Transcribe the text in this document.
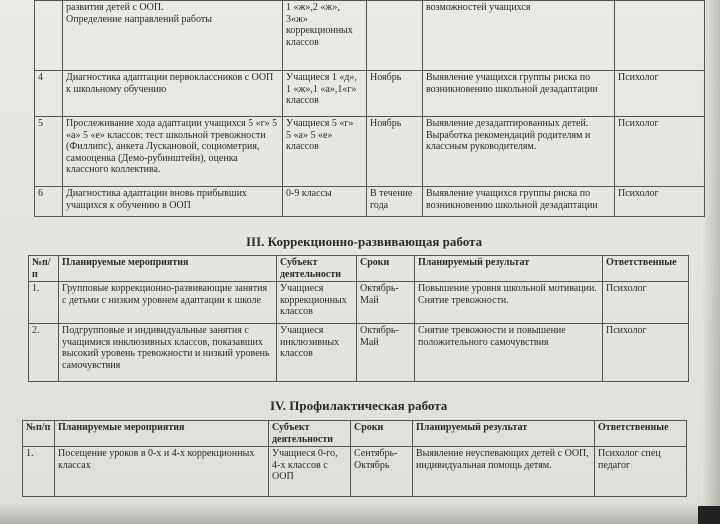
	развития детей с ООП.
Определение направлений работы	1 «ж»,2 «ж»,
3«ж»
коррекционных
классов		возможностей учащихся	
4	Диагностика адаптации первоклассников с ООП к школьному обучению	Учащиеся 1 «д»,
1 «ж»,1 «а»,1«г»
классов	Ноябрь	Выявление учащихся группы риска по возникновению школьной дезадаптации	Психолог
5	Прослеживание хода адаптации учащихся 5 «г» 5 «а» 5 «е» классов: тест школьной тревожности (Филлипс), анкета Лускановой, социометрия, самооценка (Демо-рубинштейн), оценка классного коллектива.	Учащиеся 5 «г»
5 «а» 5 «е»
классов	Ноябрь	Выявление дезадаптированных детей. Выработка рекомендаций родителям и классным руководителям.	Психолог
6	Диагностика адаптации вновь прибывших учащихся к обучению в ООП	0-9 классы	В течение года	Выявление учащихся группы риска по возникновению школьной дезадаптации	Психолог
III. Коррекционно-развивающая работа
№п/п	Планируемые мероприятия	Субъект деятельности	Сроки	Планируемый результат	Ответственные
1.	Групповые коррекционно-развивающие занятия с детьми с низким уровнем адаптации к школе	Учащиеся
коррекционных
классов	Октябрь-
Май	Повышение уровня школьной мотивации. Снятие тревожности.	Психолог
2.	Подгрупповые и индивидуальные занятия с учащимися инклюзивных классов, показавших высокий уровень тревожности и низкий уровень самочувствия	Учащиеся
инклюзивных
классов	Октябрь-
Май	Снятие тревожности и повышение положительного самочувствия	Психолог
IV. Профилактическая работа
№п/п	Планируемые мероприятия	Субъект деятельности	Сроки	Планируемый результат	Ответственные
1.	Посещение уроков в 0-х и 4-х коррекционных классах	Учащиеся 0-го,
4-х классов с
ООП	Сентябрь-
Октябрь	Выявление неуспевающих детей с ООП, индивидуальная помощь детям.	Психолог спец
педагог
